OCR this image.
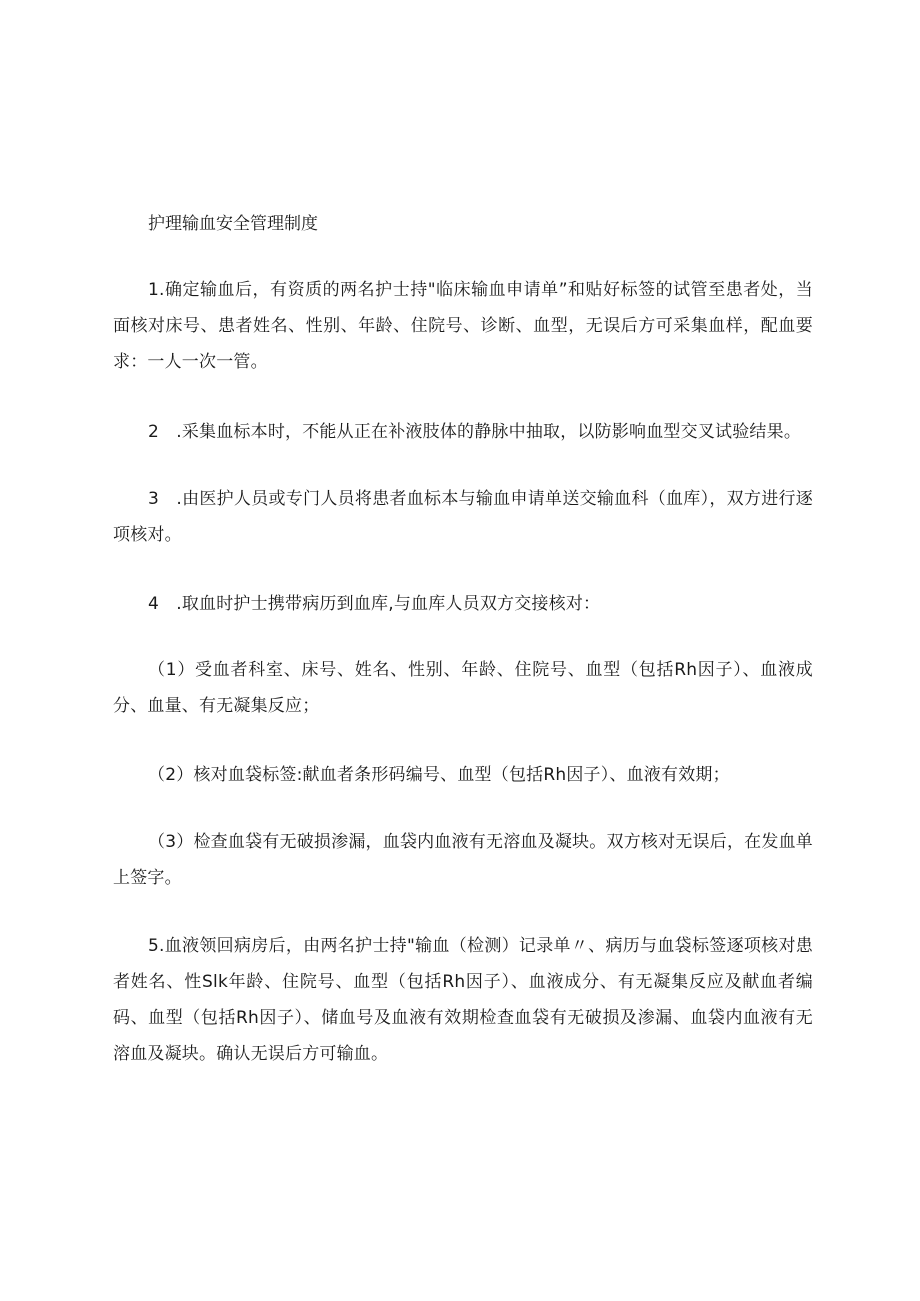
护理输血安全管理制度

1.确定输血后，有资质的两名护士持"临床输血申请单”和贴好标签的试管至患者处，当面核对床号、患者姓名、性别、年龄、住院号、诊断、血型，无误后方可采集血样，配血要求：一人一次一管。

2　.采集血标本时，不能从正在补液肢体的静脉中抽取，以防影响血型交叉试验结果。

3　.由医护人员或专门人员将患者血标本与输血申请单送交输血科（血库），双方进行逐项核对。

4　.取血时护士携带病历到血库,与血库人员双方交接核对：

（1）受血者科室、床号、姓名、性别、年龄、住院号、血型（包括Rh因子）、血液成分、血量、有无凝集反应；

（2）核对血袋标签:献血者条形码编号、血型（包括Rh因子）、血液有效期；

（3）检查血袋有无破损渗漏，血袋内血液有无溶血及凝块。双方核对无误后，在发血单上签字。

5.血液领回病房后，由两名护士持"输血（检测）记录单〃、病历与血袋标签逐项核对患者姓名、性Slk年龄、住院号、血型（包括Rh因子）、血液成分、有无凝集反应及献血者编码、血型（包括Rh因子）、储血号及血液有效期检查血袋有无破损及渗漏、血袋内血液有无溶血及凝块。确认无误后方可输血。
